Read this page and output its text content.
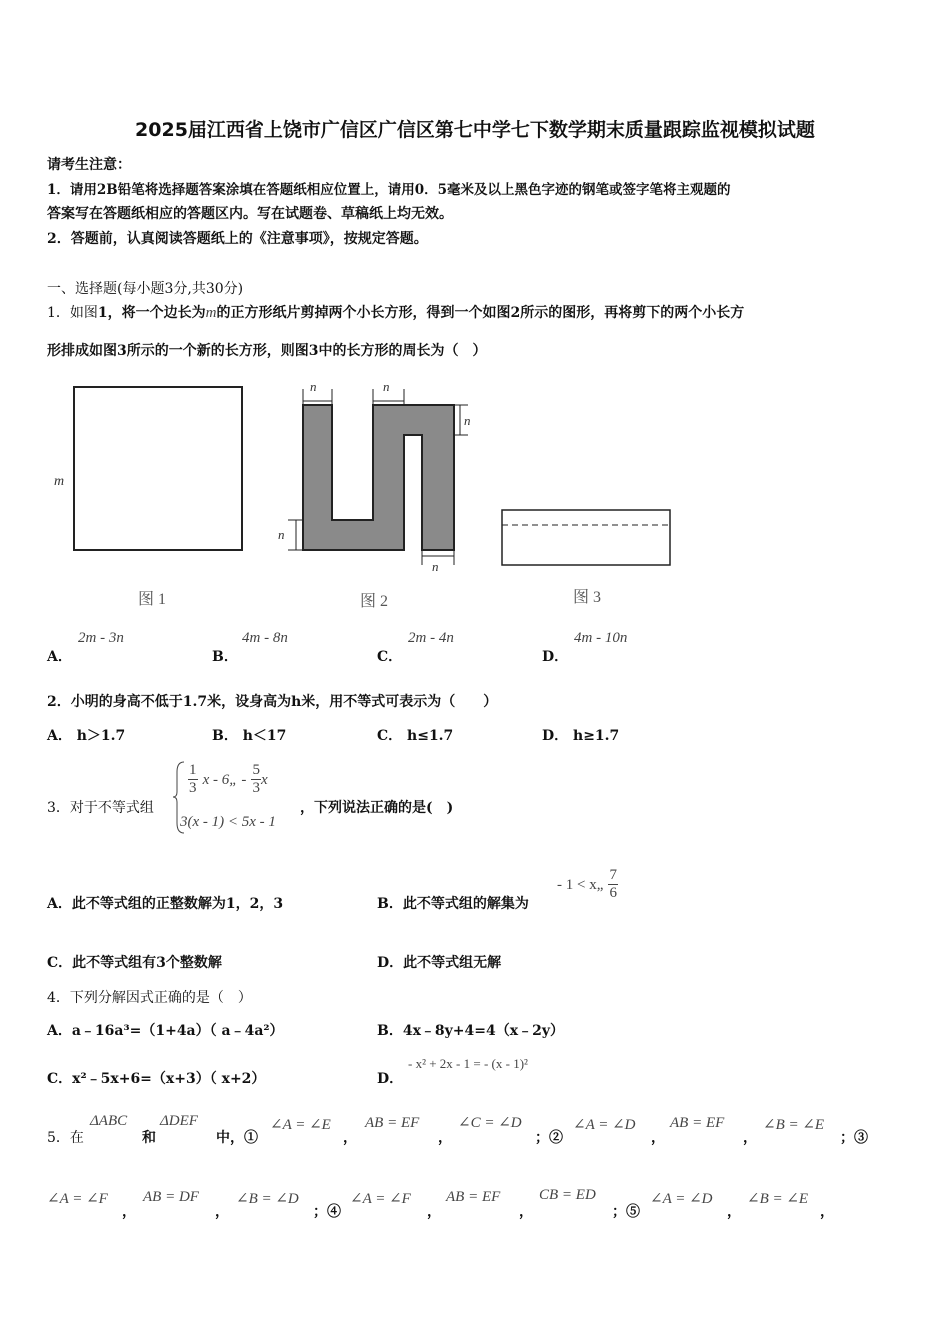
2025届江西省上饶市广信区广信区第七中学七下数学期末质量跟踪监视模拟试题
请考生注意：
1．请用2B铅笔将选择题答案涂填在答题纸相应位置上，请用0．5毫米及以上黑色字迹的钢笔或签字笔将主观题的
答案写在答题纸相应的答题区内。写在试题卷、草稿纸上均无效。
2．答题前，认真阅读答题纸上的《注意事项》，按规定答题。
一、选择题(每小题3分,共30分)
1．如图1，将一个边长为m的正方形纸片剪掉两个小长方形，得到一个如图2所示的图形，再将剪下的两个小长方
形排成如图3所示的一个新的长方形，则图3中的长方形的周长为（　）
m
n	n
n
n
n
图 1	图 2	图 3
A．
2m - 3n
B．
4m - 8n
C．
2m - 4n
D．
4m - 10n
2．小明的身高不低于1.7米，设身高为h米，用不等式可表示为（　　）
A． h＞1.7	B． h＜17	C． h≤1.7	D． h≥1.7
3．对于不等式组
$\frac{1}{3}$ x - 6„ - $\frac{5}{3}$ x
3(x - 1) < 5x - 1
，下列说法正确的是(　)
A．此不等式组的正整数解为1，2，3	B．此不等式组的解集为
- 1 < x„ $\frac{7}{6}$
C．此不等式组有3个整数解	D．此不等式组无解
4．下列分解因式正确的是（　）
A．a﹣16a³=（1+4a）（ a﹣4a²）	B．4x﹣8y+4=4（x﹣2y）
C．x²﹣5x+6=（x+3）（ x+2）	D．
- x² + 2x - 1 = - (x - 1)²
5．在
ΔABC
和
ΔDEF
中，①
∠A = ∠E
，
AB = EF
，
∠C = ∠D
；②
∠A = ∠D
，
AB = EF
，
∠B = ∠E
；③
∠A = ∠F
，
AB = DF
，
∠B = ∠D
；④
∠A = ∠F
，
AB = EF
，
CB = ED
；⑤
∠A = ∠D
，
∠B = ∠E
，
